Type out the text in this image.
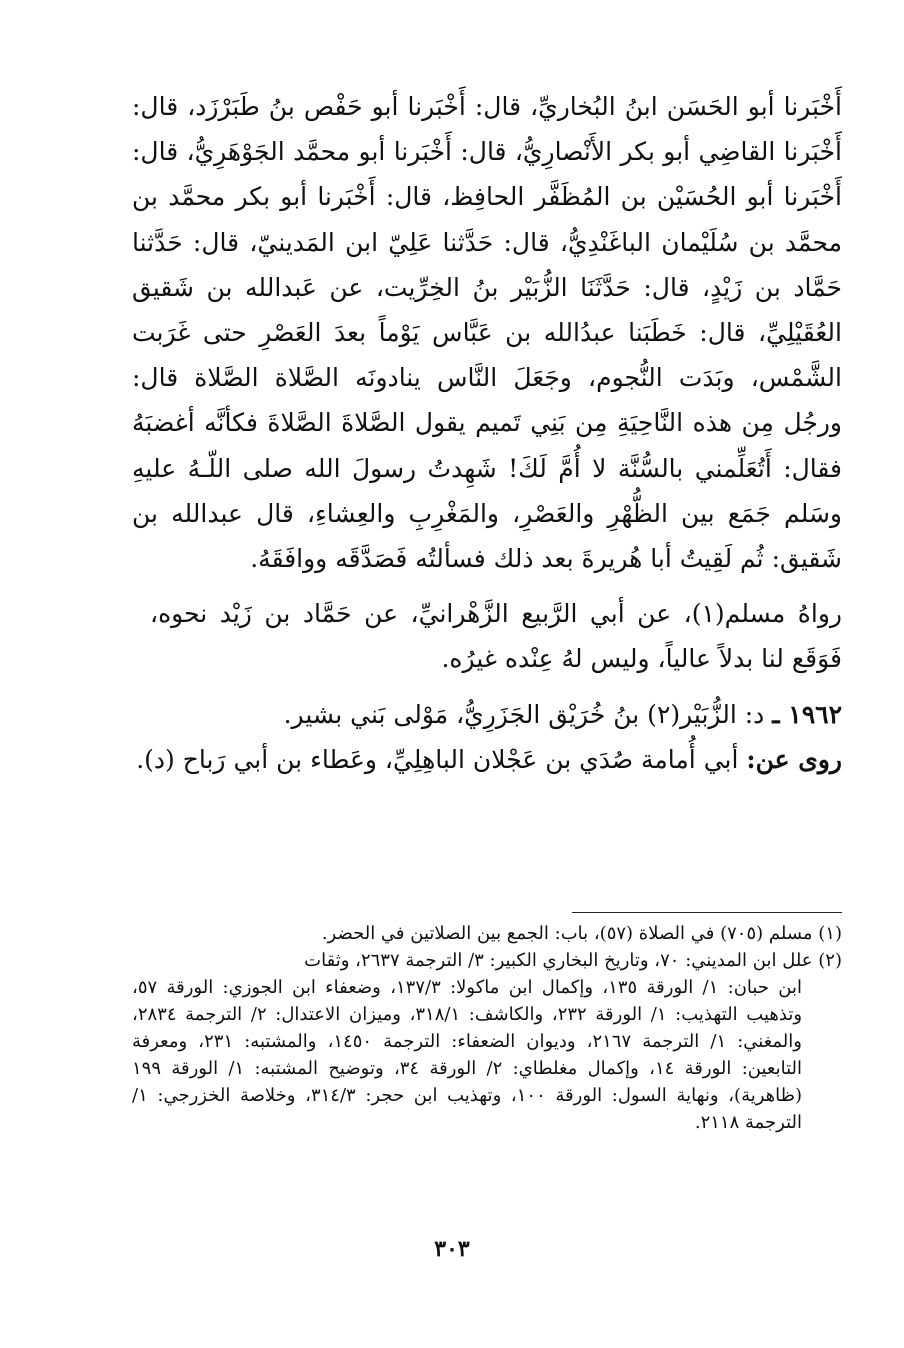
أَخْبَرنا أبو الحَسَن ابنُ البُخاريِّ، قال: أَخْبَرنا أبو حَفْص بنُ طَبَرْزَد، قال: أَخْبَرنا القاضِي أبو بكر الأَنْصارِيُّ، قال: أَخْبَرنا أبو محمَّد الجَوْهَرِيُّ، قال: أَخْبَرنا أبو الحُسَيْن بن المُظَفَّر الحافِظ، قال: أَخْبَرنا أبو بكر محمَّد بن محمَّد بن سُلَيْمان الباغَنْدِيُّ، قال: حَدَّثنا عَلِيّ ابن المَدينيّ، قال: حَدَّثنا حَمَّاد بن زَيْدٍ، قال: حَدَّثَنَا الزُّبَيْر بنُ الخِرِّيت، عن عَبدالله بن شَقيق العُقَيْلِيِّ، قال: خَطَبَنا عبدُالله بن عَبَّاس يَوْماً بعدَ العَصْرِ حتى غَرَبت الشَّمْس، وبَدَت النُّجوم، وجَعَلَ النَّاس ينادونَه الصَّلاة الصَّلاة قال: ورجُل مِن هذه النَّاحِيَةِ مِن بَنِي تَميم يقول الصَّلاةَ الصَّلاةَ فكأنَّه أغضبَهُ فقال: أَتُعَلِّمني بالسُّنَّة لا أُمَّ لَكَ! شَهِدتُ رسولَ الله صلى اللّـهُ عليهِ وسَلم جَمَع بين الظُّهْرِ والعَصْرِ، والمَغْرِبِ والعِشاءِ، قال عبدالله بن شَقيق: ثُم لَقِيتُ أبا هُريرةَ بعد ذلك فسألتُه فَصَدَّقَه ووافَقَهُ.

رواهُ مسلم(١)، عن أبي الرَّبيع الزَّهْرانيِّ، عن حَمَّاد بن زَيْد نحوه، فَوَقَع لنا بدلاً عالياً، وليس لهُ عِنْده غيرُه.

١٩٦٢ ـ د: الزُّبَيْر(٢) بنُ خُرَيْق الجَزَرِيُّ، مَوْلى بَني بشير.

روى عن: أبي أُمامة صُدَي بن عَجْلان الباهِلِيِّ، وعَطاء بن أبي رَباح (د).

(١) مسلم (٧٠٥) في الصلاة (٥٧)، باب: الجمع بين الصلاتين في الحضر.

(٢) علل ابن المديني: ٧٠، وتاريخ البخاري الكبير: ٣/ الترجمة ٢٦٣٧، وثقات

ابن حبان: ١/ الورقة ١٣٥، وإكمال ابن ماكولا: ١٣٧/٣، وضعفاء ابن الجوزي: الورقة ٥٧، وتذهيب التهذيب: ١/ الورقة ٢٣٢، والكاشف: ٣١٨/١، وميزان الاعتدال: ٢/ الترجمة ٢٨٣٤، والمغني: ١/ الترجمة ٢١٦٧، وديوان الضعفاء: الترجمة ١٤٥٠، والمشتبه: ٢٣١، ومعرفة التابعين: الورقة ١٤، وإكمال مغلطاي: ٢/ الورقة ٣٤، وتوضيح المشتبه: ١/ الورقة ١٩٩ (ظاهرية)، ونهاية السول: الورقة ١٠٠، وتهذيب ابن حجر: ٣١٤/٣، وخلاصة الخزرجي: ١/ الترجمة ٢١١٨.

٣٠٣
